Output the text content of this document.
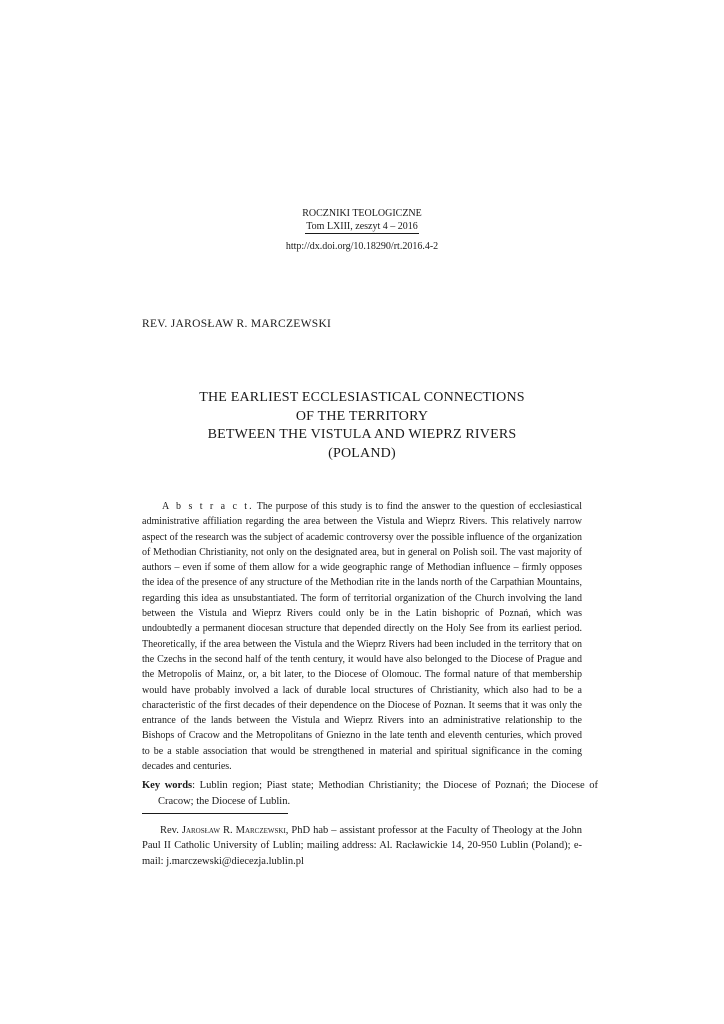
ROCZNIKI TEOLOGICZNE
Tom LXIII, zeszyt 4 – 2016
http://dx.doi.org/10.18290/rt.2016.4-2
REV. JAROSŁAW R. MARCZEWSKI
THE EARLIEST ECCLESIASTICAL CONNECTIONS
OF THE TERRITORY
BETWEEN THE VISTULA AND WIEPRZ RIVERS
(POLAND)

A b s t r a c t. The purpose of this study is to find the answer to the question of ecclesiastical administrative affiliation regarding the area between the Vistula and Wieprz Rivers. This relatively narrow aspect of the research was the subject of academic controversy over the possible influence of the organization of Methodian Christianity, not only on the designated area, but in general on Polish soil. The vast majority of authors – even if some of them allow for a wide geographic range of Methodian influence – firmly opposes the idea of the presence of any structure of the Methodian rite in the lands north of the Carpathian Mountains, regarding this idea as unsubstantiated. The form of territorial organization of the Church involving the land between the Vistula and Wieprz Rivers could only be in the Latin bishopric of Poznań, which was undoubtedly a permanent diocesan structure that depended directly on the Holy See from its earliest period. Theoretically, if the area between the Vistula and the Wieprz Rivers had been included in the territory that on the Czechs in the second half of the tenth century, it would have also belonged to the Diocese of Prague and the Metropolis of Mainz, or, a bit later, to the Diocese of Olomouc. The formal nature of that membership would have probably involved a lack of durable local structures of Christianity, which also had to be a characteristic of the first decades of their dependence on the Diocese of Poznan. It seems that it was only the entrance of the lands between the Vistula and Wieprz Rivers into an administrative relationship to the Bishops of Cracow and the Metropolitans of Gniezno in the late tenth and eleventh centuries, which proved to be a stable association that would be strengthened in material and spiritual significance in the coming decades and centuries.

Key words: Lublin region; Piast state; Methodian Christianity; the Diocese of Poznań; the Diocese of Cracow; the Diocese of Lublin.

Rev. Jarosław R. Marczewski, PhD hab – assistant professor at the Faculty of Theology at the John Paul II Catholic University of Lublin; mailing address: Al. Racławickie 14, 20-950 Lublin (Poland); e-mail: j.marczewski@diecezja.lublin.pl
